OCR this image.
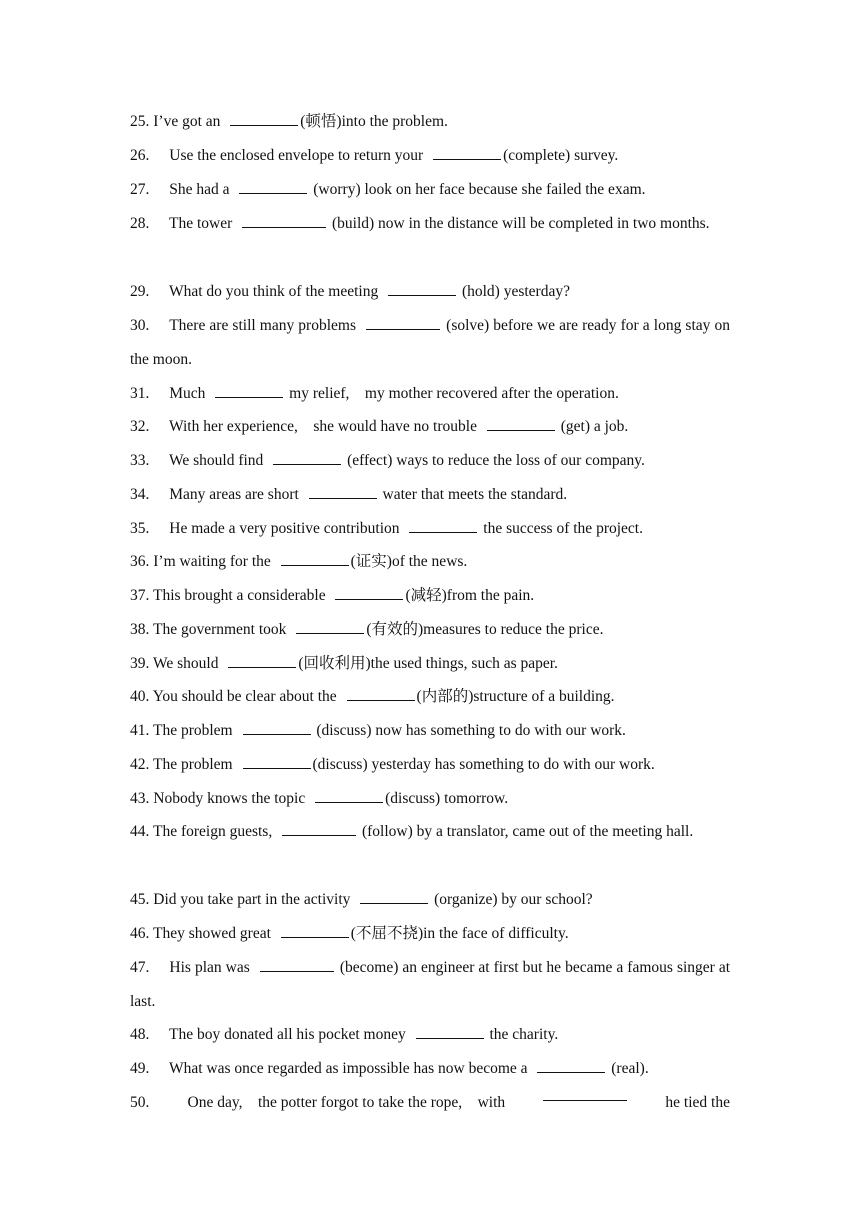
25. I’ve got an	(顿悟)into the problem.
26. Use the enclosed envelope to return your	(complete) survey.
27. She had a	(worry) look on her face because she failed the exam.
28. The tower	(build) now in the distance will be completed in two months.
29. What do you think of the meeting	(hold) yesterday?
30. There are still many problems	(solve) before we are ready for a long stay on the moon.
31. Much	my relief,　my mother recovered after the operation.
32. With her experience,　she would have no trouble	(get) a job.
33. We should find	(effect) ways to reduce the loss of our company.
34. Many areas are short	water that meets the standard.
35. He made a very positive contribution	the success of the project.
36. I’m waiting for the	(证实)of the news.
37. This brought a considerable	(减轻)from the pain.
38. The government took	(有效的)measures to reduce the price.
39. We should	(回收利用)the used things, such as paper.
40. You should be clear about the	(内部的)structure of a building.
41. The problem	(discuss) now has something to do with our work.
42. The problem	(discuss) yesterday has something to do with our work.
43. Nobody knows the topic	(discuss) tomorrow.
44. The foreign guests,	(follow) by a translator, came out of the meeting hall.
45. Did you take part in the activity	(organize) by our school?
46. They showed great	(不屈不挠)in the face of difficulty.
47. His plan was	(become) an engineer at first but he became a famous singer at last.
48. The boy donated all his pocket money	the charity.
49. What was once regarded as impossible has now become a	(real).
50. One day,　the potter forgot to take the rope,　with	he tied the
